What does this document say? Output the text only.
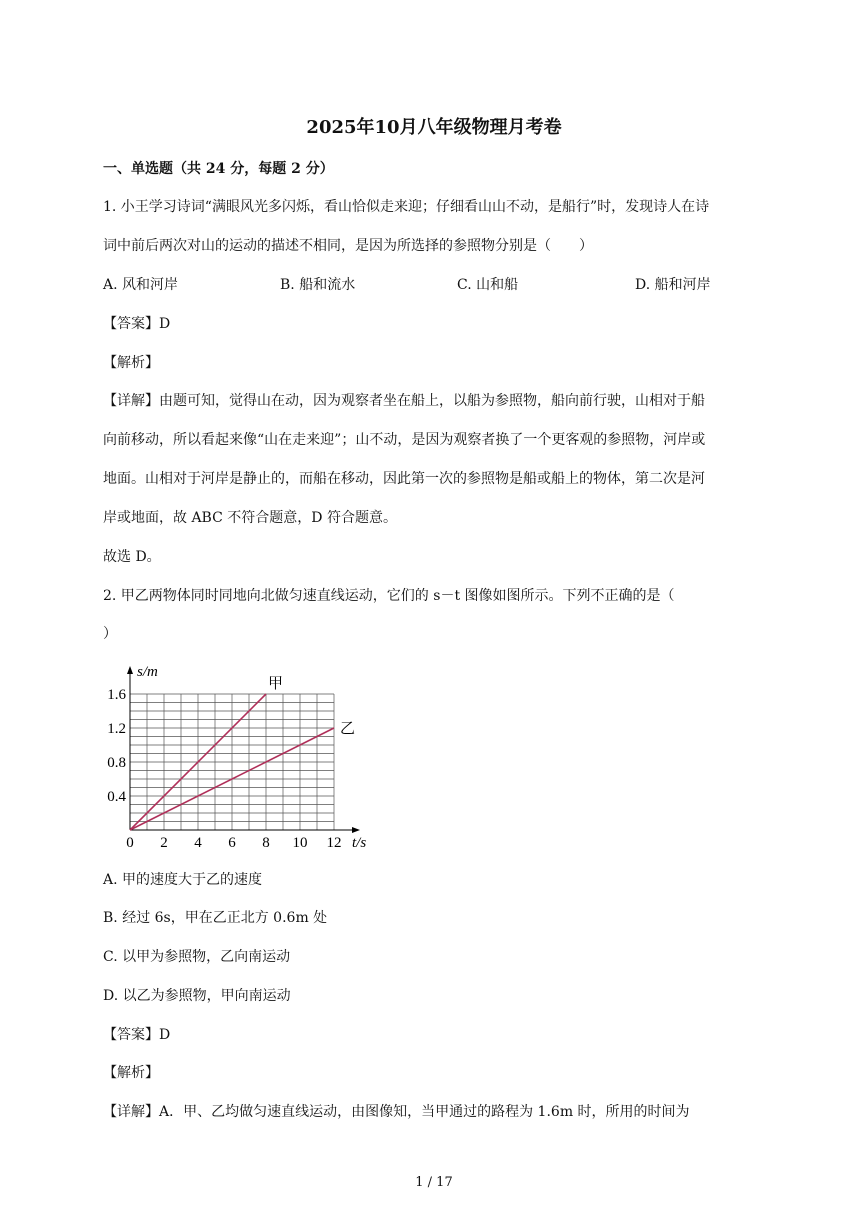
2025年10月八年级物理月考卷
一、单选题（共 24 分，每题 2 分）
1. 小王学习诗词“满眼风光多闪烁，看山恰似走来迎；仔细看山山不动，是船行”时，发现诗人在诗
词中前后两次对山的运动的描述不相同，是因为所选择的参照物分别是（　　）
A. 风和河岸	B. 船和流水	C. 山和船	D. 船和河岸
【答案】D
【解析】
【详解】由题可知，觉得山在动，因为观察者坐在船上，以船为参照物，船向前行驶，山相对于船
向前移动，所以看起来像“山在走来迎”；山不动，是因为观察者换了一个更客观的参照物，河岸或
地面。山相对于河岸是静止的，而船在移动，因此第一次的参照物是船或船上的物体，第二次是河
岸或地面，故 ABC 不符合题意，D 符合题意。
故选 D。
2. 甲乙两物体同时同地向北做匀速直线运动，它们的 s－t 图像如图所示。下列不正确的是（
）
0 2 4 6 8 10 12
0.4
0.8
1.2
1.6
s/m
t/s
甲
乙
A. 甲的速度大于乙的速度
B. 经过 6s，甲在乙正北方 0.6m 处
C. 以甲为参照物，乙向南运动
D. 以乙为参照物，甲向南运动
【答案】D
【解析】
【详解】A．甲、乙均做匀速直线运动，由图像知，当甲通过的路程为 1.6m 时，所用的时间为
1 / 17
